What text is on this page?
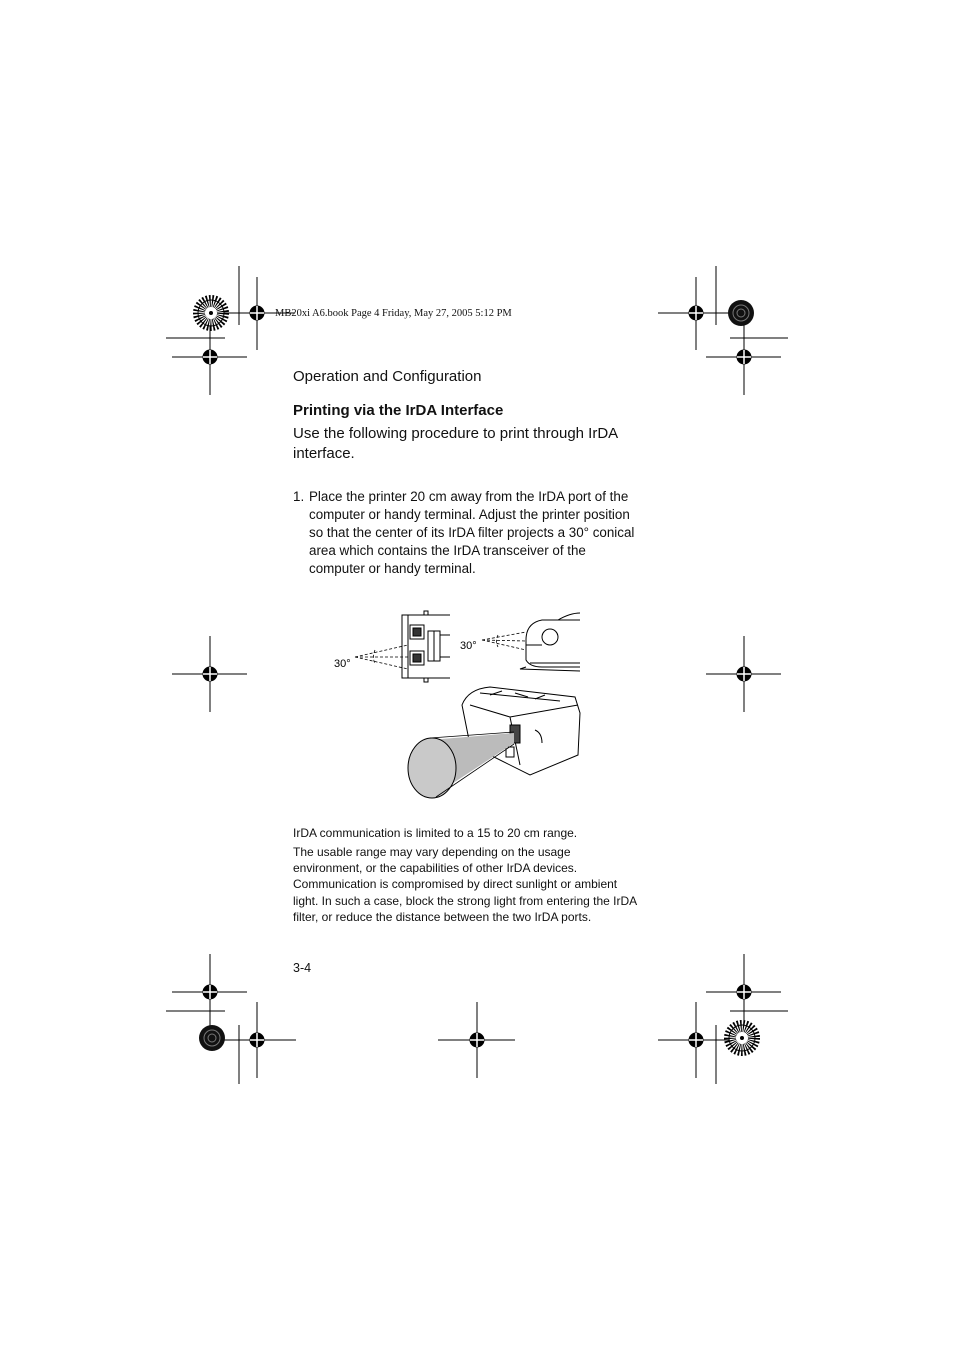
MB20xi A6.book Page 4 Friday, May 27, 2005 5:12 PM
Operation and Configuration
Printing via the IrDA Interface
Use the following procedure to print through IrDA interface.
1. Place the printer 20 cm away from the IrDA port of the computer or handy terminal. Adjust the printer position so that the center of its IrDA filter projects a 30° conical area which contains the IrDA transceiver of the computer or handy terminal.
30°
30°
IrDA communication is limited to a 15 to 20 cm range.
The usable range may vary depending on the usage environment, or the capabilities of other IrDA devices. Communication is compromised by direct sunlight or ambient light. In such a case, block the strong light from entering the IrDA filter, or reduce the distance between the two IrDA ports.
3-4
